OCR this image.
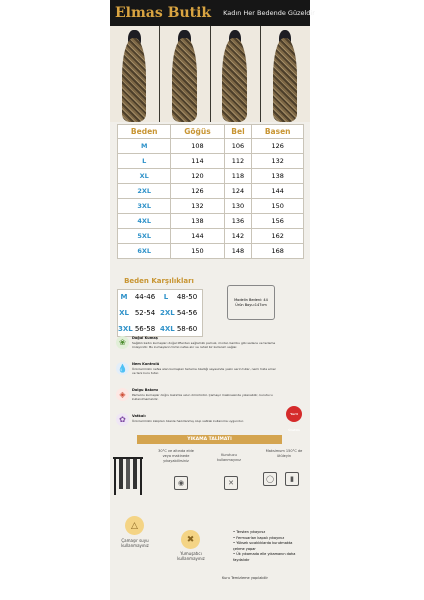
Elmas Butik Kadın Her Bedende Güzeldir
Beden	Göğüs	Bel	Basen
M	108	106	126
L	114	112	132
XL	120	118	138
2XL	126	124	144
3XL	132	130	150
4XL	138	136	156
5XL	144	142	162
6XL	150	148	168
Beden Karşılıkları
M	44-46	L	48-50
XL 52-54 2XL 54-56
3XL 56-58 4XL 58-60
Modelin Bedeni: 44
Ürün Boyu:147cm
❀	Doğal Kumaş
Sağlıklı kadın kumaşları doğal liflerden sağlamlık pamuk, modal, bambu gibi sadece ve terleme önleyicidir. Bu kumaşların tümü nefes alır ve rahat bir kullanım sağlar.
💧	Nem Kontrolü
Ürünlerimizin nefes alan kumaşları terleme özelliği sayesinde yazın serin tutar, nemi hızla emer ve teni kuru tutar.
◈	Dolgu Bakımı
Pamuklu kumaşlar doğru bakımla uzun ömürlüdür. Çamaşır makinesinde yıkanabilir, kurutucu kullanılmamalıdır.
✿	Vatkalı
Ürünlerimizin kalıpları özenle hazırlanmış olup vatkalı kullanıma uygundur.
Yerli Üretim
YIKAMA TALİMATI
30°C ve altında elde veya makinede yıkayabilirsiniz
Kurutucu kullanmayınız
Maksimum 150°C de ütüleyin
◉	✕	◯	▮
△
Çamaşır suyu kullanmayınız
✖
Yumuşatıcı kullanmayınız
• Tersten yıkayınız
• Fermuarları kapalı yıkayınız
• Yüksek sıcaklıklarda kurutmakta çekme yapar
• Ük yıkamada elle yıkamanın daha faydalıdır
Kuru Temizleme yapılabilir
